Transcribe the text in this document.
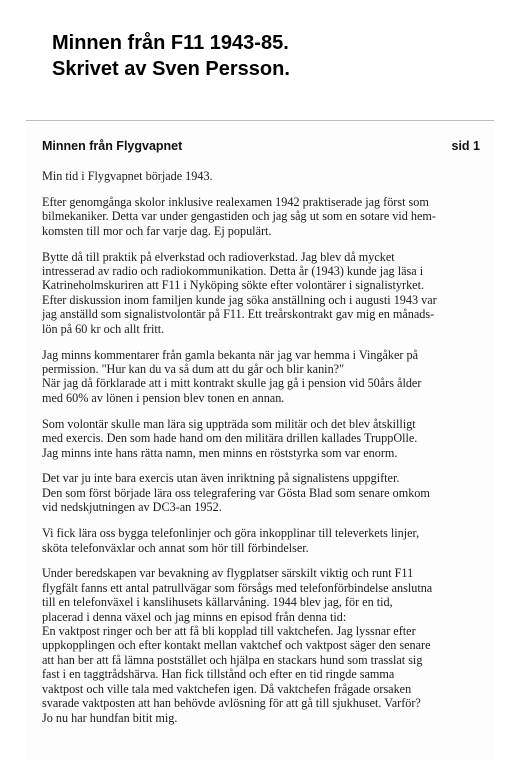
Minnen från F11 1943-85.
Skrivet av Sven Persson.
Minnen från Flygvapnet	sid 1

Min tid i Flygvapnet började 1943.

Efter genomgånga skolor inklusive realexamen 1942 praktiserade jag först som
bilmekaniker. Detta var under gengastiden och jag såg ut som en sotare vid hem-
komsten till mor och far varje dag. Ej populärt.

Bytte då till praktik på elverkstad och radioverkstad. Jag blev då mycket
intresserad av radio och radiokommunikation. Detta år (1943) kunde jag läsa i
Katrineholmskuriren att F11 i Nyköping sökte efter volontärer i signalistyrket.
Efter diskussion inom familjen kunde jag söka anställning och i augusti 1943 var
jag anställd som signalistvolontär på F11. Ett treårskontrakt gav mig en månads-
lön på 60 kr och allt fritt.

Jag minns kommentarer från gamla bekanta när jag var hemma i Vingåker på
permission. "Hur kan du va så dum att du går och blir kanin?"
När jag då förklarade att i mitt kontrakt skulle jag gå i pension vid 50års ålder
med 60% av lönen i pension blev tonen en annan.

Som volontär skulle man lära sig uppträda som militär och det blev åtskilligt
med exercis. Den som hade hand om den militära drillen kallades TruppOlle.
Jag minns inte hans rätta namn, men minns en röststyrka som var enorm.

Det var ju inte bara exercis utan även inriktning på signalistens uppgifter.
Den som först började lära oss telegrafering var Gösta Blad som senare omkom
vid nedskjutningen av DC3-an 1952.

Vi fick lära oss bygga telefonlinjer och göra inkopplinar till televerkets linjer,
sköta telefonväxlar och annat som hör till förbindelser.

Under beredskapen var bevakning av flygplatser särskilt viktig och runt F11
flygfält fanns ett antal patrullvägar som försågs med telefonförbindelse anslutna
till en telefonväxel i kanslihusets källarvåning. 1944 blev jag, för en tid,
placerad i denna växel och jag minns en episod från denna tid:
En vaktpost ringer och ber att få bli kopplad till vaktchefen. Jag lyssnar efter
uppkopplingen och efter kontakt mellan vaktchef och vaktpost säger den senare
att han ber att få lämna poststället och hjälpa en stackars hund som trasslat sig
fast i en taggtrådshärva. Han fick tillstånd och efter en tid ringde samma
vaktpost och ville tala med vaktchefen igen. Då vaktchefen frågade orsaken
svarade vaktposten att han behövde avlösning för att gå till sjukhuset. Varför?
Jo nu har hundfan bitit mig.
